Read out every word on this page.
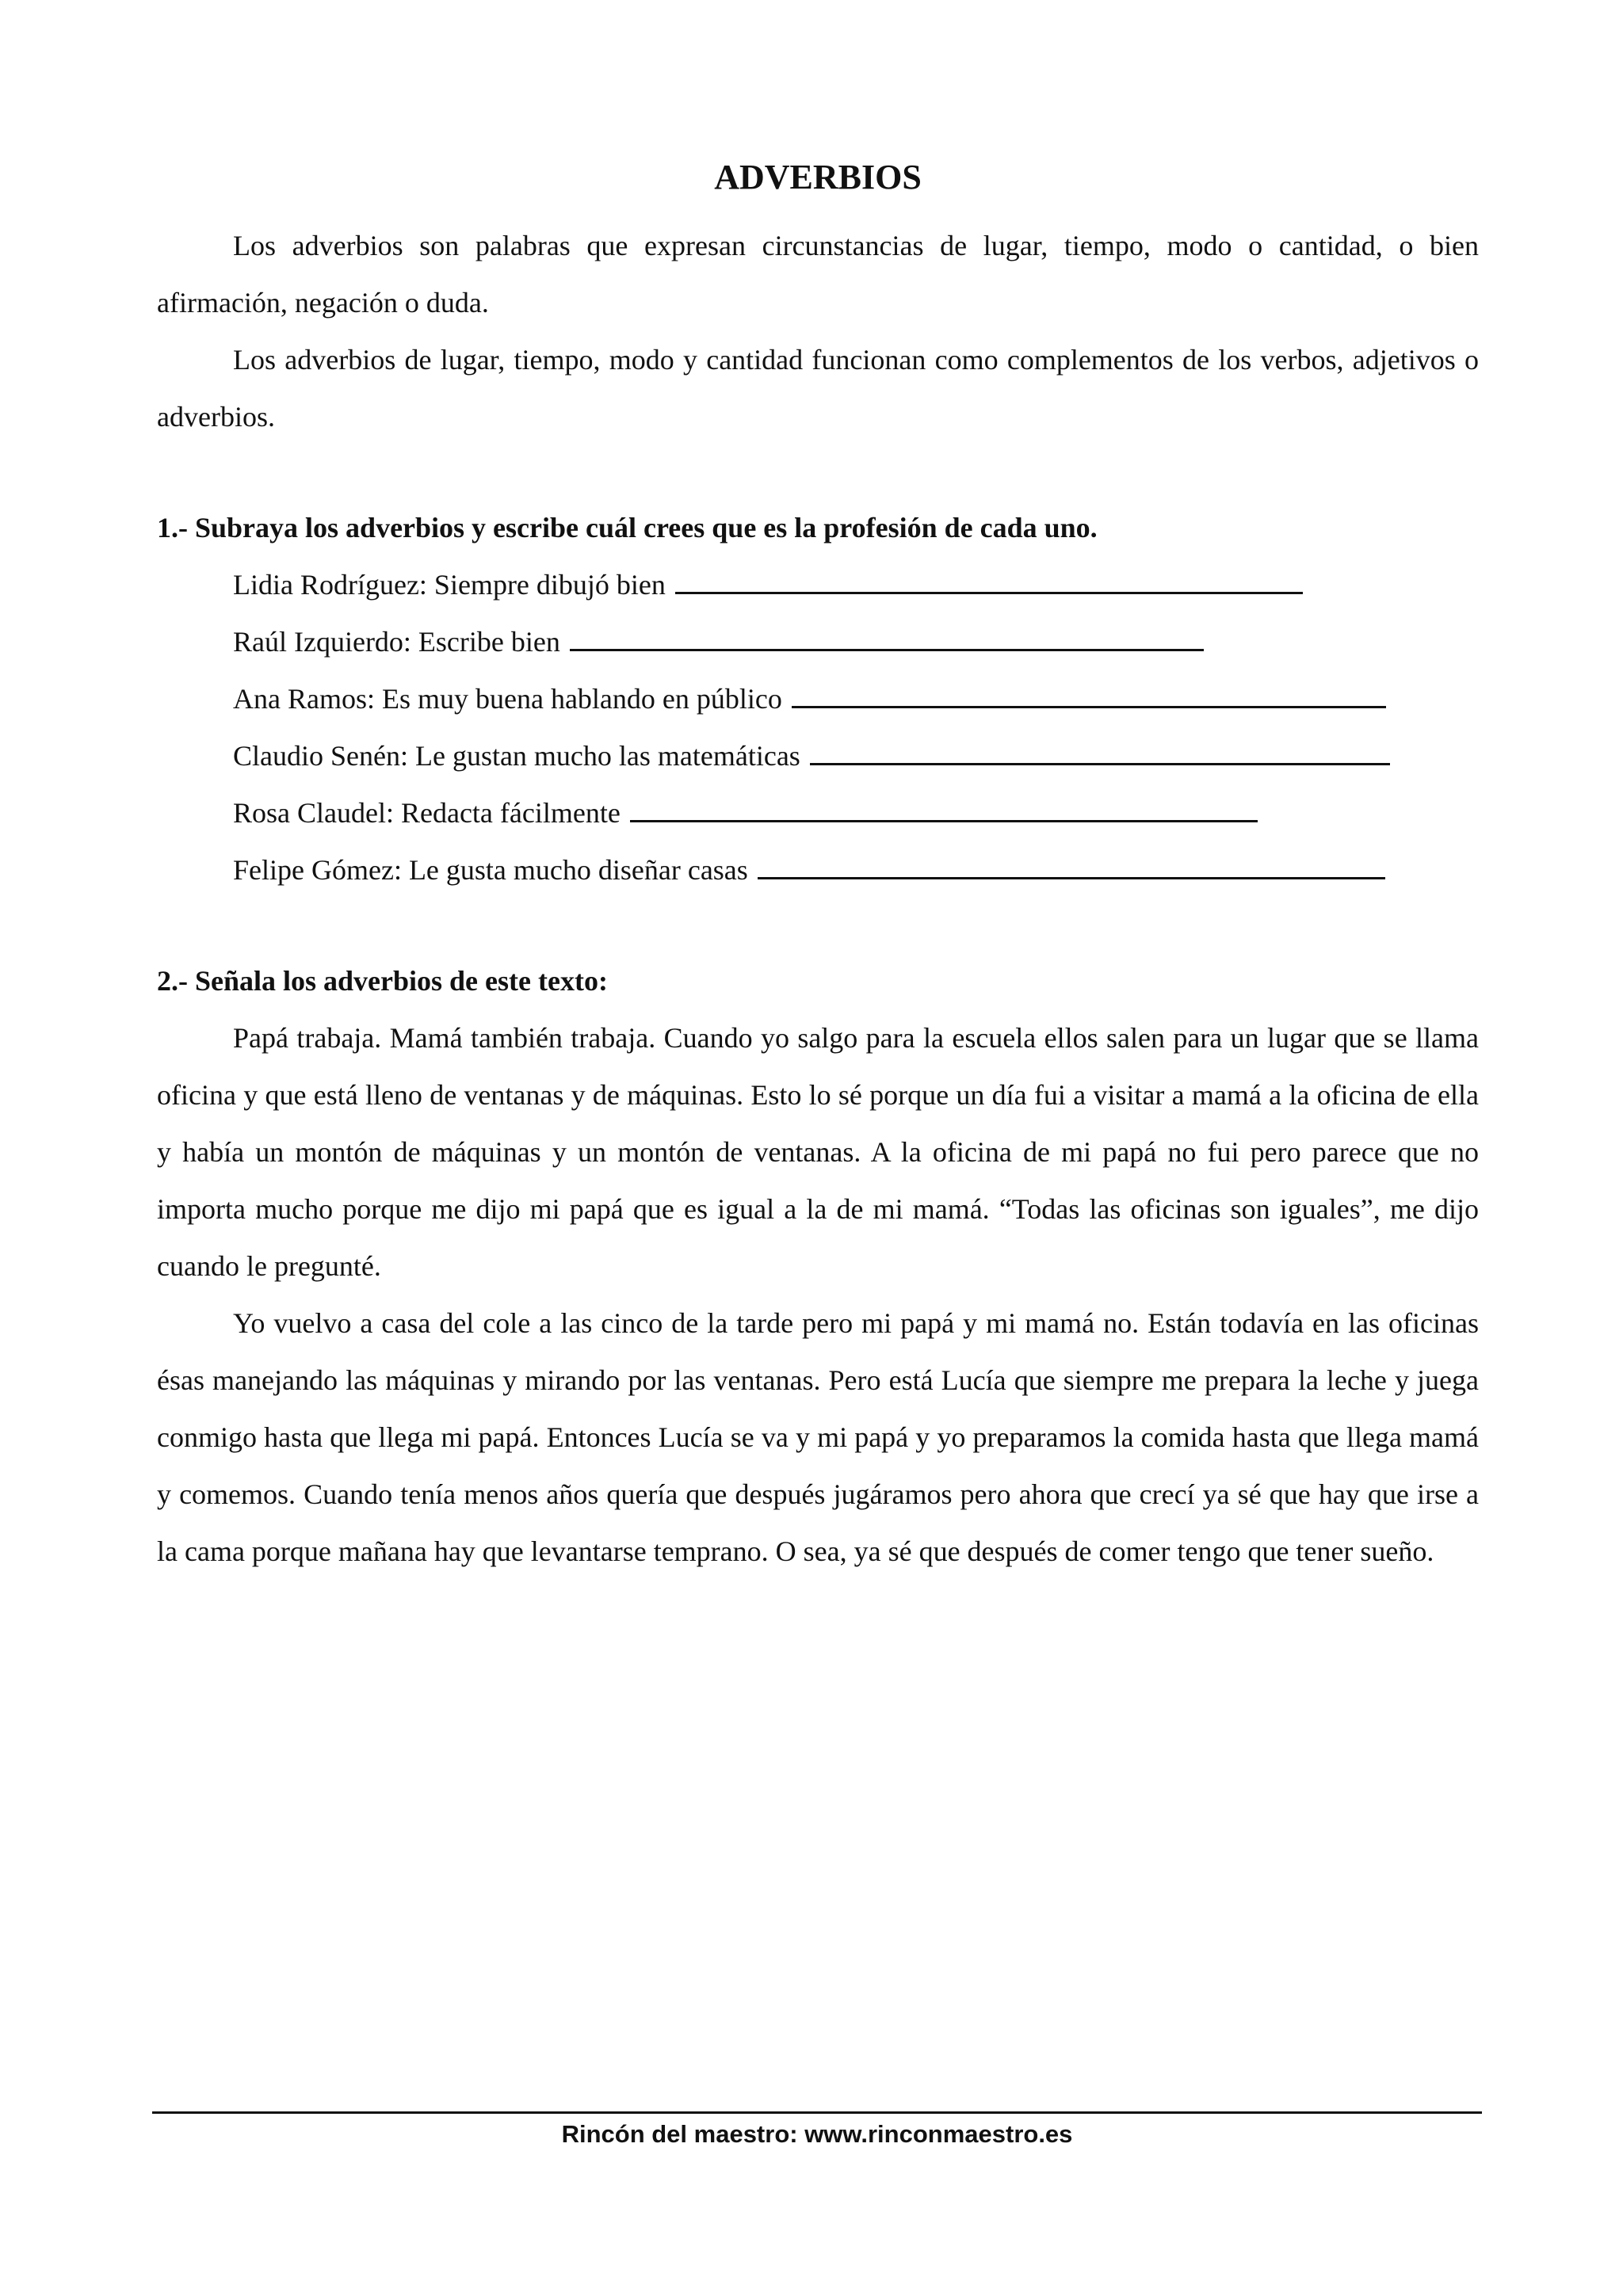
ADVERBIOS

Los adverbios son palabras que expresan circunstancias de lugar, tiempo, modo o cantidad, o bien afirmación, negación o duda.

Los adverbios de lugar, tiempo, modo y cantidad funcionan como complementos de los verbos, adjetivos o adverbios.

1.- Subraya los adverbios y escribe cuál crees que es la profesión de cada uno.

Lidia Rodríguez: Siempre dibujó bien
Raúl Izquierdo: Escribe bien
Ana Ramos: Es muy buena hablando en público
Claudio Senén: Le gustan mucho las matemáticas
Rosa Claudel: Redacta fácilmente
Felipe Gómez: Le gusta mucho diseñar casas

2.- Señala los adverbios de este texto:

Papá trabaja. Mamá también trabaja. Cuando yo salgo para la escuela ellos salen para un lugar que se llama oficina y que está lleno de ventanas y de máquinas. Esto lo sé porque un día fui a visitar a mamá a la oficina de ella y había un montón de máquinas y un montón de ventanas. A la oficina de mi papá no fui pero parece que no importa mucho porque me dijo mi papá que es igual a la de mi mamá. “Todas las oficinas son iguales”, me dijo cuando le pregunté.

Yo vuelvo a casa del cole a las cinco de la tarde pero mi papá y mi mamá no. Están todavía en las oficinas ésas manejando las máquinas y mirando por las ventanas. Pero está Lucía que siempre me prepara la leche y juega conmigo hasta que llega mi papá. Entonces Lucía se va y mi papá y yo preparamos la comida hasta que llega mamá y comemos. Cuando tenía menos años quería que después jugáramos pero ahora que crecí ya sé que hay que irse a la cama porque mañana hay que levantarse temprano. O sea, ya sé que después de comer tengo que tener sueño.

Rincón del maestro: www.rinconmaestro.es
